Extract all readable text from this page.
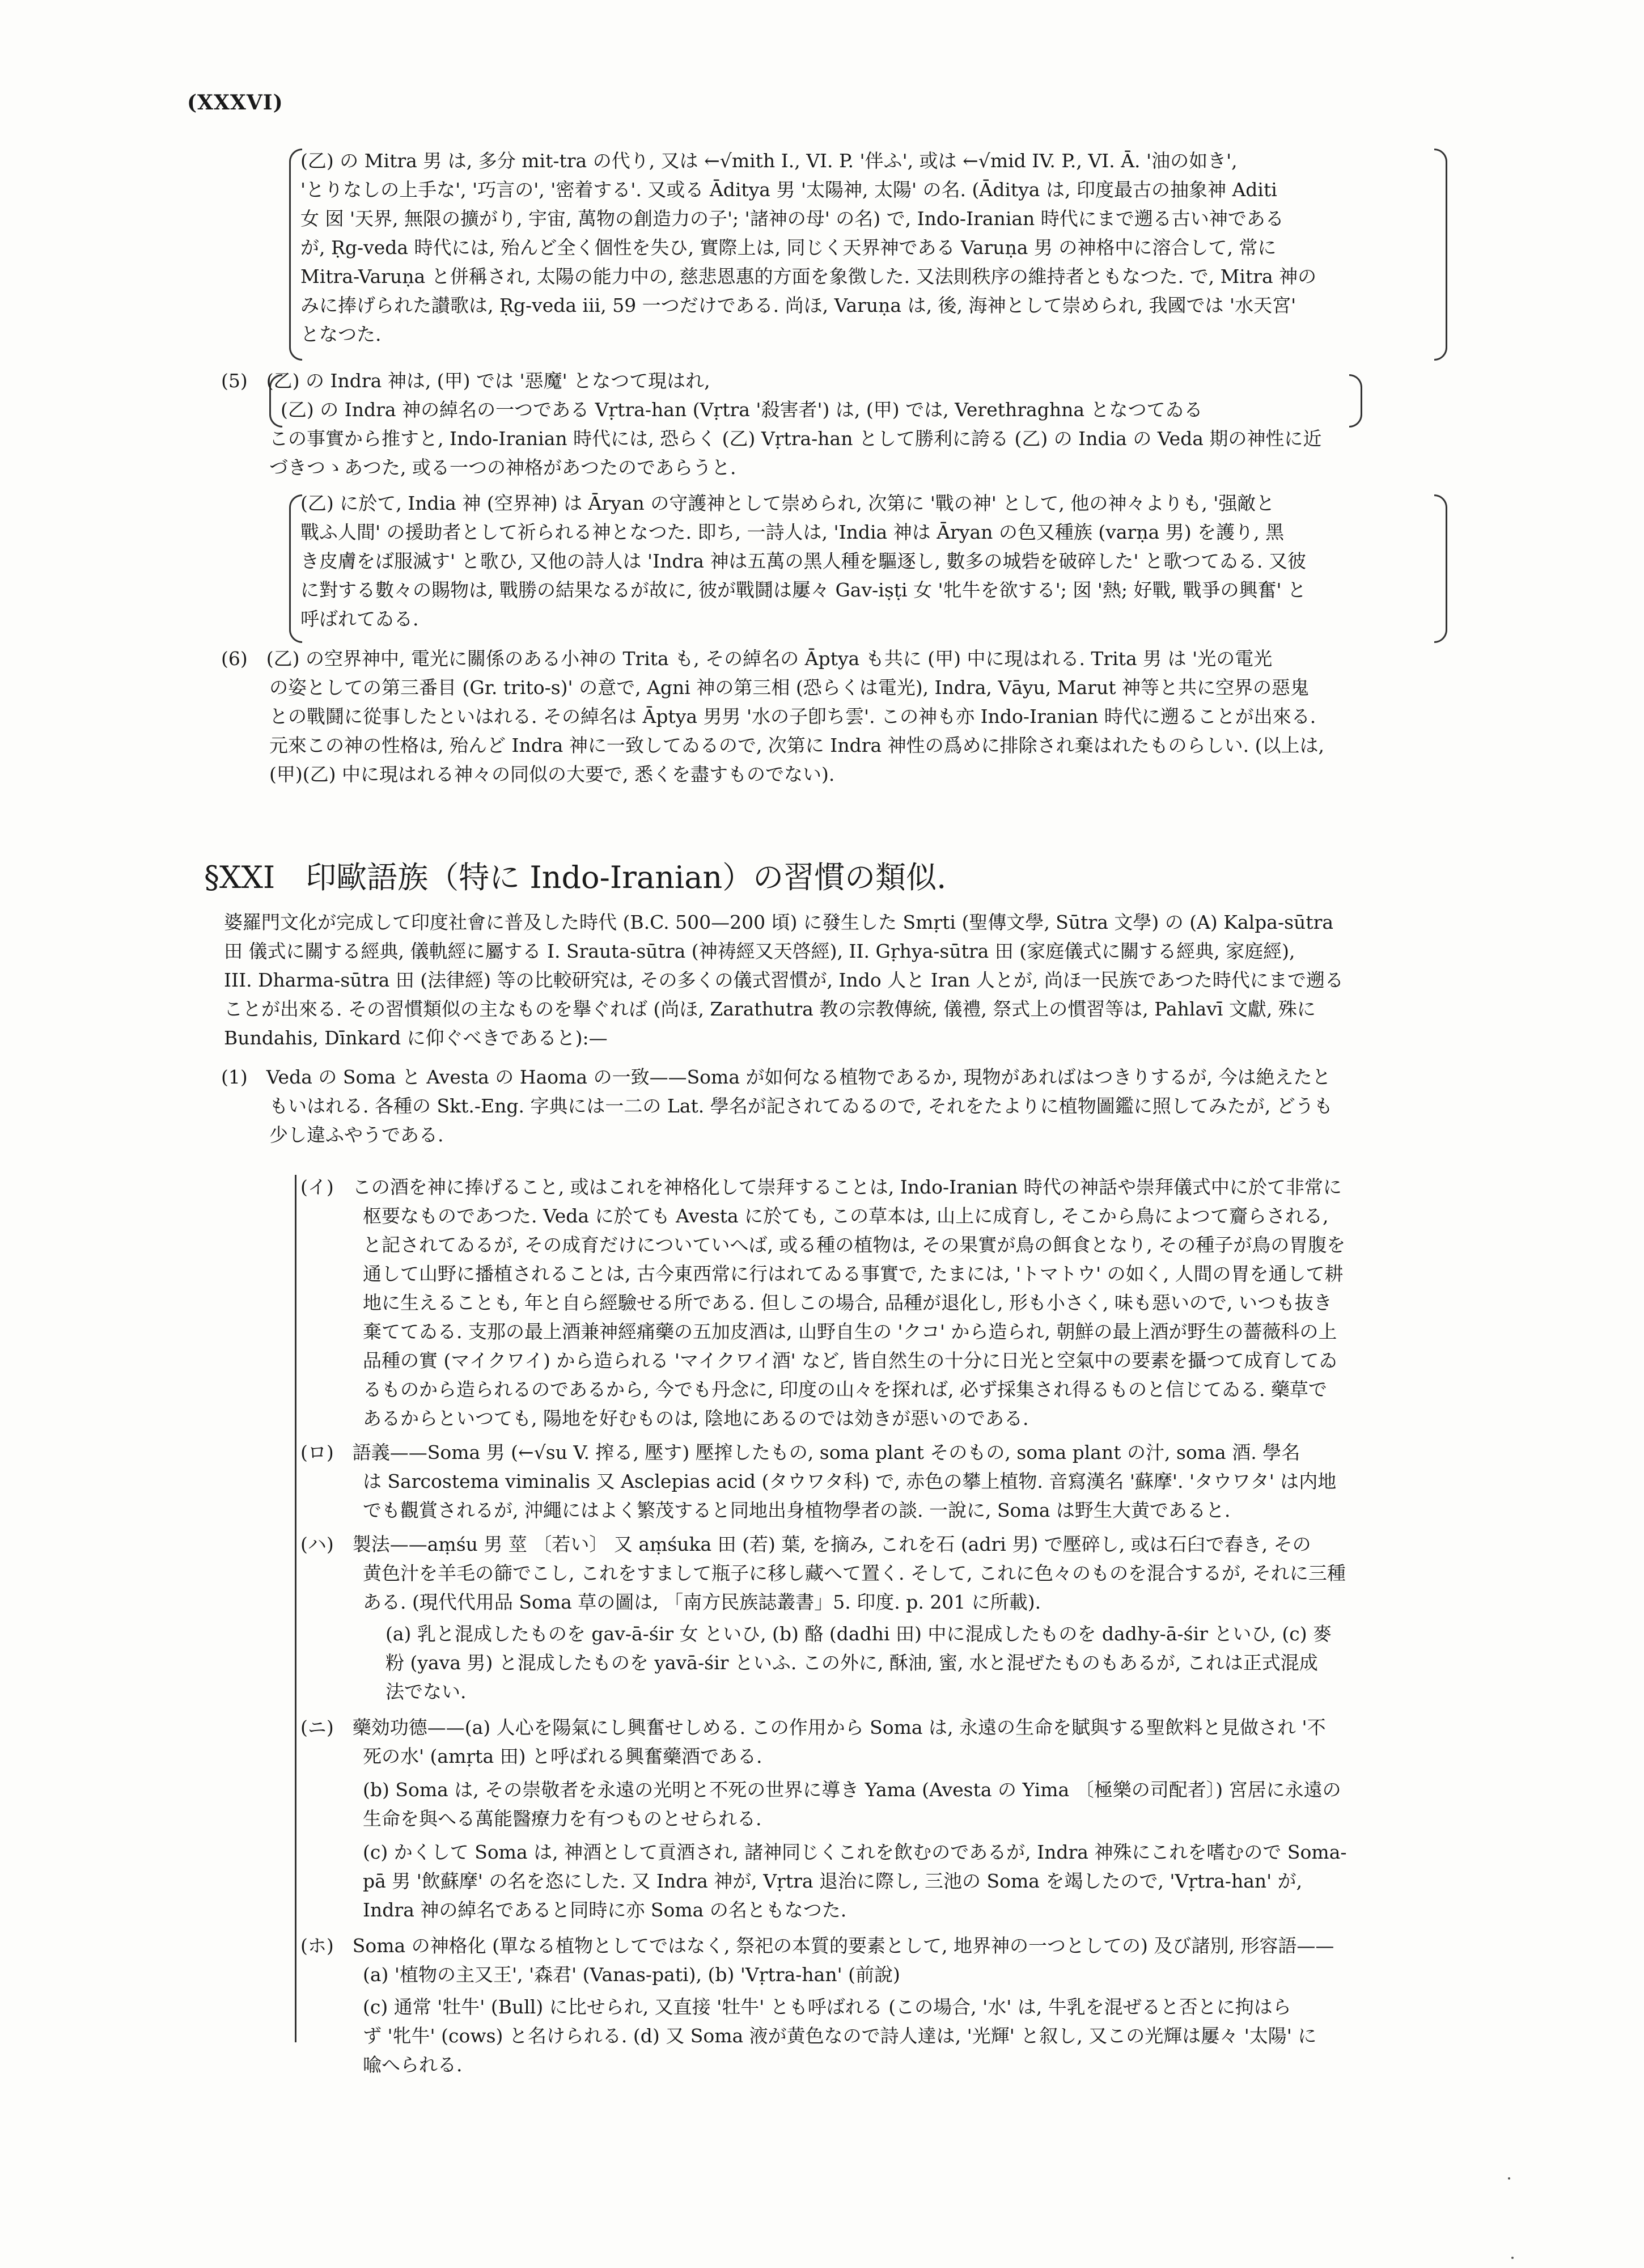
(XXXVI)
§XXI　印歐語族（特に Indo-Iranian）の習慣の類似.
(乙) の Mitra 男 は, 多分 mit-tra の代り, 又は ←√mith I., VI. P. '伴ふ', 或は ←√mid IV. P., VI. Ā. '油の如き',
'とりなしの上手な', '巧言の', '密着する'. 又或る Āditya 男 '太陽神, 太陽' の名. (Āditya は, 印度最古の抽象神 Aditi
女 囡 '天界, 無限の擴がり, 宇宙, 萬物の創造力の子'; '諸神の母' の名) で, Indo-Iranian 時代にまで遡る古い神である
が, Ṛg-veda 時代には, 殆んど全く個性を失ひ, 實際上は, 同じく天界神である Varuṇa 男 の神格中に溶合して, 常に
Mitra-Varuṇa と併稱され, 太陽の能力中の, 慈悲恩惠的方面を象徴した. 又法則秩序の維持者ともなつた. で, Mitra 神の
みに捧げられた讃歌は, Ṛg-veda iii, 59 一つだけである. 尚ほ, Varuṇa は, 後, 海神として崇められ, 我國では '水天宮'
となつた.
(5)　(乙) の Indra 神は, (甲) では '惡魔' となつて現はれ,
(乙) の Indra 神の綽名の一つである Vṛtra-han (Vṛtra '殺害者') は, (甲) では, Verethraghna となつてゐる
この事實から推すと, Indo-Iranian 時代には, 恐らく (乙) Vṛtra-han として勝利に誇る (乙) の India の Veda 期の神性に近
づきつゝあつた, 或る一つの神格があつたのであらうと.
(乙) に於て, India 神 (空界神) は Āryan の守護神として崇められ, 次第に '戰の神' として, 他の神々よりも, '强敵と
戰ふ人間' の援助者として祈られる神となつた. 即ち, 一詩人は, 'India 神は Āryan の色又種族 (varṇa 男) を護り, 黑
き皮膚をば服滅す' と歌ひ, 又他の詩人は 'Indra 神は五萬の黑人種を驅逐し, 數多の城砦を破碎した' と歌つてゐる. 又彼
に對する數々の賜物は, 戰勝の結果なるが故に, 彼が戰鬪は屢々 Gav-iṣṭi 女 '牝牛を欲する'; 囡 '熱; 好戰, 戰爭の興奮' と
呼ばれてゐる.
(6)　(乙) の空界神中, 電光に關係のある小神の Trita も, その綽名の Āptya も共に (甲) 中に現はれる. Trita 男 は '光の電光
の姿としての第三番目 (Gr. trito-s)' の意で, Agni 神の第三相 (恐らくは電光), Indra, Vāyu, Marut 神等と共に空界の惡鬼
との戰鬪に從事したといはれる. その綽名は Āptya 男男 '水の子卽ち雲'. この神も亦 Indo-Iranian 時代に遡ることが出來る.
元來この神の性格は, 殆んど Indra 神に一致してゐるので, 次第に Indra 神性の爲めに排除され棄はれたものらしい. (以上は,
(甲)(乙) 中に現はれる神々の同似の大要で, 悉くを盡すものでない).
婆羅門文化が完成して印度社會に普及した時代 (B.C. 500—200 頃) に發生した Smṛti (聖傳文學, Sūtra 文學) の (A) Kalpa-sūtra
田 儀式に關する經典, 儀軌經に屬する I. Srauta-sūtra (神祷經又天啓經), II. Gṛhya-sūtra 田 (家庭儀式に關する經典, 家庭經),
III. Dharma-sūtra 田 (法律經) 等の比較研究は, その多くの儀式習慣が, Indo 人と Iran 人とが, 尚ほ一民族であつた時代にまで遡る
ことが出來る. その習慣類似の主なものを擧ぐれば (尚ほ, Zarathutra 教の宗教傳統, 儀禮, 祭式上の慣習等は, Pahlavī 文獻, 殊に
Bundahis, Dīnkard に仰ぐべきであると):—
(1)　Veda の Soma と Avesta の Haoma の一致——Soma が如何なる植物であるか, 現物があればはつきりするが, 今は絶えたと
もいはれる. 各種の Skt.-Eng. 字典には一二の Lat. 學名が記されてゐるので, それをたよりに植物圖鑑に照してみたが, どうも
少し違ふやうである.
(イ)　この酒を神に捧げること, 或はこれを神格化して崇拜することは, Indo-Iranian 時代の神話や崇拜儀式中に於て非常に
枢要なものであつた. Veda に於ても Avesta に於ても, この草本は, 山上に成育し, そこから鳥によつて齎らされる,
と記されてゐるが, その成育だけについていへば, 或る種の植物は, その果實が鳥の餌食となり, その種子が鳥の胃腹を
通して山野に播植されることは, 古今東西常に行はれてゐる事實で, たまには, 'トマトウ' の如く, 人間の胃を通して耕
地に生えることも, 年と自ら經驗せる所である. 但しこの場合, 品種が退化し, 形も小さく, 味も惡いので, いつも抜き
棄ててゐる. 支那の最上酒兼神經痛藥の五加皮酒は, 山野自生の 'クコ' から造られ, 朝鮮の最上酒が野生の薔薇科の上
品種の實 (マイクワイ) から造られる 'マイクワイ酒' など, 皆自然生の十分に日光と空氣中の要素を攝つて成育してゐ
るものから造られるのであるから, 今でも丹念に, 印度の山々を探れば, 必ず採集され得るものと信じてゐる. 藥草で
あるからといつても, 陽地を好むものは, 陰地にあるのでは効きが惡いのである.
(ロ)　語義——Soma 男 (←√su V. 搾る, 壓す) 壓搾したもの, soma plant そのもの, soma plant の汁, soma 酒. 學名
は Sarcostema viminalis 又 Asclepias acid (タウワタ科) で, 赤色の攀上植物. 音寫漢名 '蘇摩'. 'タウワタ' は内地
でも觀賞されるが, 沖繩にはよく繁茂すると同地出身植物學者の談. 一說に, Soma は野生大黄であると.
(ハ)　製法——aṃśu 男 莖 〔若い〕 又 aṃśuka 田 (若) 葉, を摘み, これを石 (adri 男) で壓碎し, 或は石臼で舂き, その
黄色汁を羊毛の篩でこし, これをすまして瓶子に移し藏へて置く. そして, これに色々のものを混合するが, それに三種
ある. (現代代用品 Soma 草の圖は, 「南方民族誌叢書」5. 印度. p. 201 に所載).
(a) 乳と混成したものを gav-ā-śir 女 といひ, (b) 酪 (dadhi 田) 中に混成したものを dadhy-ā-śir といひ, (c) 麥
粉 (yava 男) と混成したものを yavā-śir といふ. この外に, 酥油, 蜜, 水と混ぜたものもあるが, これは正式混成
法でない.
(ニ)　藥効功德——(a) 人心を陽氣にし興奮せしめる. この作用から Soma は, 永遠の生命を賦與する聖飲料と見做され '不
死の水' (amṛta 田) と呼ばれる興奮藥酒である.
(b) Soma は, その崇敬者を永遠の光明と不死の世界に導き Yama (Avesta の Yima 〔極樂の司配者〕) 宮居に永遠の
生命を與へる萬能醫療力を有つものとせられる.
(c) かくして Soma は, 神酒として貢酒され, 諸神同じくこれを飲むのであるが, Indra 神殊にこれを嗜むので Soma-
pā 男 '飲蘇摩' の名を恣にした. 又 Indra 神が, Vṛtra 退治に際し, 三池の Soma を竭したので, 'Vṛtra-han' が,
Indra 神の綽名であると同時に亦 Soma の名ともなつた.
(ホ)　Soma の神格化 (單なる植物としてではなく, 祭祀の本質的要素として, 地界神の一つとしての) 及び諸別, 形容語——
(a) '植物の主又王', '森君' (Vanas-pati), (b) 'Vṛtra-han' (前說)
(c) 通常 '牡牛' (Bull) に比せられ, 又直接 '牡牛' とも呼ばれる (この場合, '水' は, 牛乳を混ぜると否とに拘はら
ず '牝牛' (cows) と名けられる. (d) 又 Soma 液が黄色なので詩人達は, '光輝' と叙し, 又この光輝は屢々 '太陽' に
喩へられる.
